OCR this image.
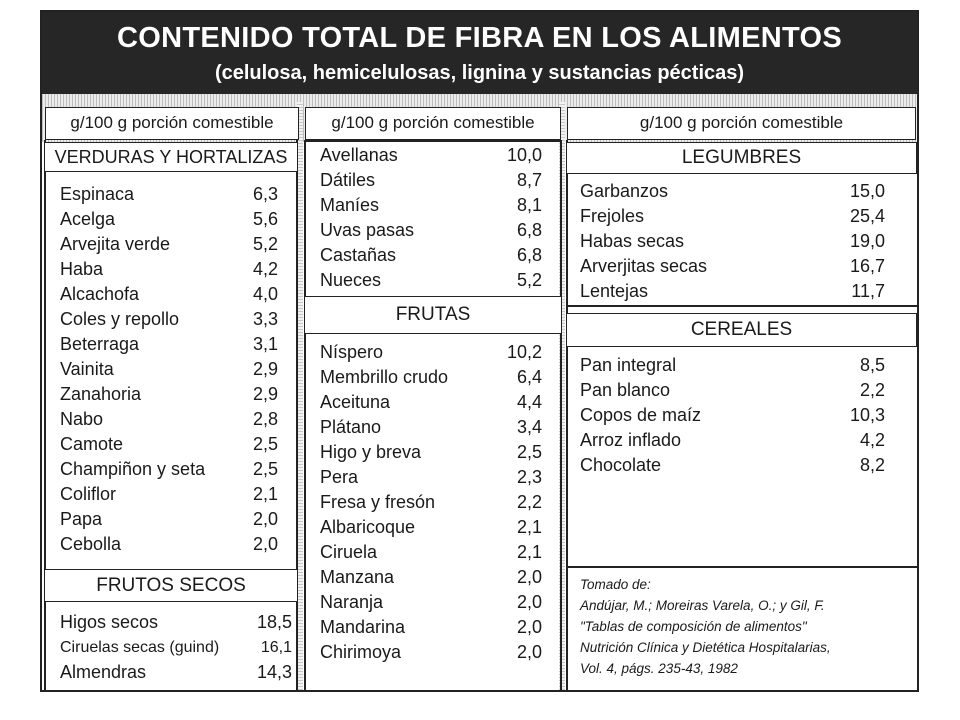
CONTENIDO TOTAL DE FIBRA EN LOS ALIMENTOS
(celulosa, hemicelulosas, lignina y sustancias pécticas)
g/100 g porción comestible	g/100 g porción comestible	g/100 g porción comestible
VERDURAS Y HORTALIZAS
FRUTOS SECOS
FRUTAS
LEGUMBRES
CEREALES
Espinaca	6,3
Acelga	5,6
Arvejita verde	5,2
Haba	4,2
Alcachofa	4,0
Coles y repollo	3,3
Beterraga	3,1
Vainita	2,9
Zanahoria	2,9
Nabo	2,8
Camote	2,5
Champiñon y seta	2,5
Coliflor	2,1
Papa	2,0
Cebolla	2,0
Higos secos	18,5
Ciruelas secas (guind)	16,1
Almendras	14,3
Avellanas	10,0
Dátiles	8,7
Maníes	8,1
Uvas pasas	6,8
Castañas	6,8
Nueces	5,2
Níspero	10,2
Membrillo crudo	6,4
Aceituna	4,4
Plátano	3,4
Higo y breva	2,5
Pera	2,3
Fresa y fresón	2,2
Albaricoque	2,1
Ciruela	2,1
Manzana	2,0
Naranja	2,0
Mandarina	2,0
Chirimoya	2,0
Garbanzos	15,0
Frejoles	25,4
Habas secas	19,0
Arverjitas secas	16,7
Lentejas	11,7
Pan integral	8,5
Pan blanco	2,2
Copos de maíz	10,3
Arroz inflado	4,2
Chocolate	8,2
Tomado de:
Andújar, M.; Moreiras Varela, O.; y Gil, F.
"Tablas de composición de alimentos"
Nutrición Clínica y Dietética Hospitalarias,
Vol. 4, págs. 235-43, 1982
